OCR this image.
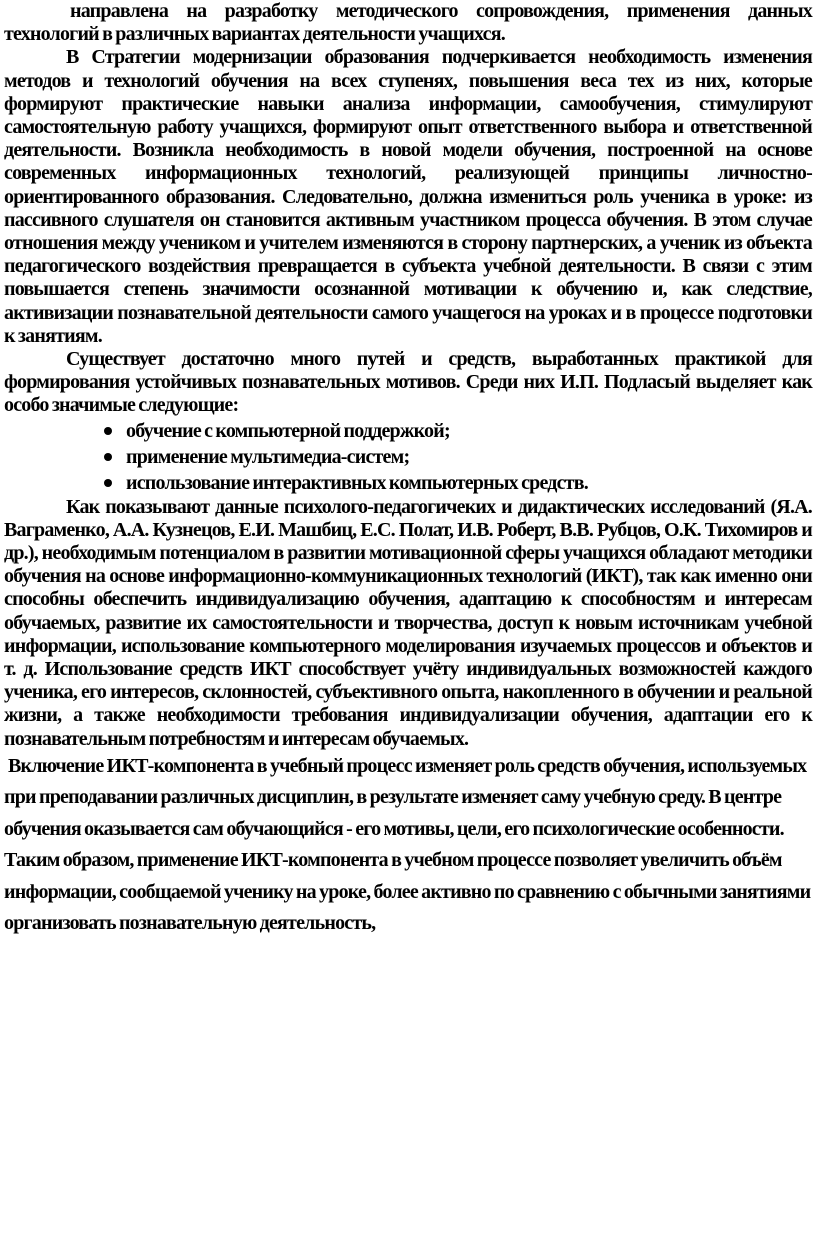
направлена на разработку методического сопровождения, применения данных технологий в различных вариантах деятельности учащихся.

В Стратегии модернизации образования подчеркивается необходимость изменения методов и технологий обучения на всех ступенях, повышения веса тех из них, которые формируют практические навыки анализа информации, самообучения, стимулируют самостоятельную работу учащихся, формируют опыт ответственного выбора и ответственной деятельности. Возникла необходимость в новой модели обучения, построенной на основе современных информационных технологий, реализующей принципы личностно-ориентированного образования. Следовательно, должна измениться роль ученика в уроке: из пассивного слушателя он становится активным участником процесса обучения. В этом случае отношения между учеником и учителем изменяются в сторону партнерских, а ученик из объекта педагогического воздействия превращается в субъекта учебной деятельности. В связи с этим повышается степень значимости осознанной мотивации к обучению и, как следствие, активизации познавательной деятельности самого учащегося на уроках и в процессе подготовки к занятиям.

Существует достаточно много путей и средств, выработанных практикой для формирования устойчивых познавательных мотивов. Среди них И.П. Подласый выделяет как особо значимые следующие:

обучение с компьютерной поддержкой;
применение мультимедиа-систем;
использование интерактивных компьютерных средств.

Как показывают данные психолого-педагогичеких и дидактических исследований (Я.А. Ваграменко, А.А. Кузнецов, Е.И. Машбиц, Е.С. Полат, И.В. Роберт, В.В. Рубцов, О.К. Тихомиров и др.), необходимым потенциалом в развитии мотивационной сферы учащихся обладают методики обучения на основе информационно-коммуникационных технологий (ИКТ), так как именно они способны обеспечить индивидуализацию обучения, адаптацию к способностям и интересам обучаемых, развитие их самостоятельности и творчества, доступ к новым источникам учебной информации, использование компьютерного моделирования изучаемых процессов и объектов и т. д. Использование средств ИКТ способствует учёту индивидуальных возможностей каждого ученика, его интересов, склонностей, субъективного опыта, накопленного в обучении и реальной жизни, а также необходимости требования индивидуализации обучения, адаптации его к познавательным потребностям и интересам обучаемых.

Включение ИКТ-компонента в учебный процесс изменяет роль средств обучения, используемых при преподавании различных дисциплин, в результате изменяет саму учебную среду. В центре обучения оказывается сам обучающийся - его мотивы, цели, его психологические особенности. Таким образом, применение ИКТ-компонента в учебном процессе позволяет увеличить объём информации, сообщаемой ученику на уроке, более активно по сравнению с обычными занятиями организовать познавательную деятельность,
